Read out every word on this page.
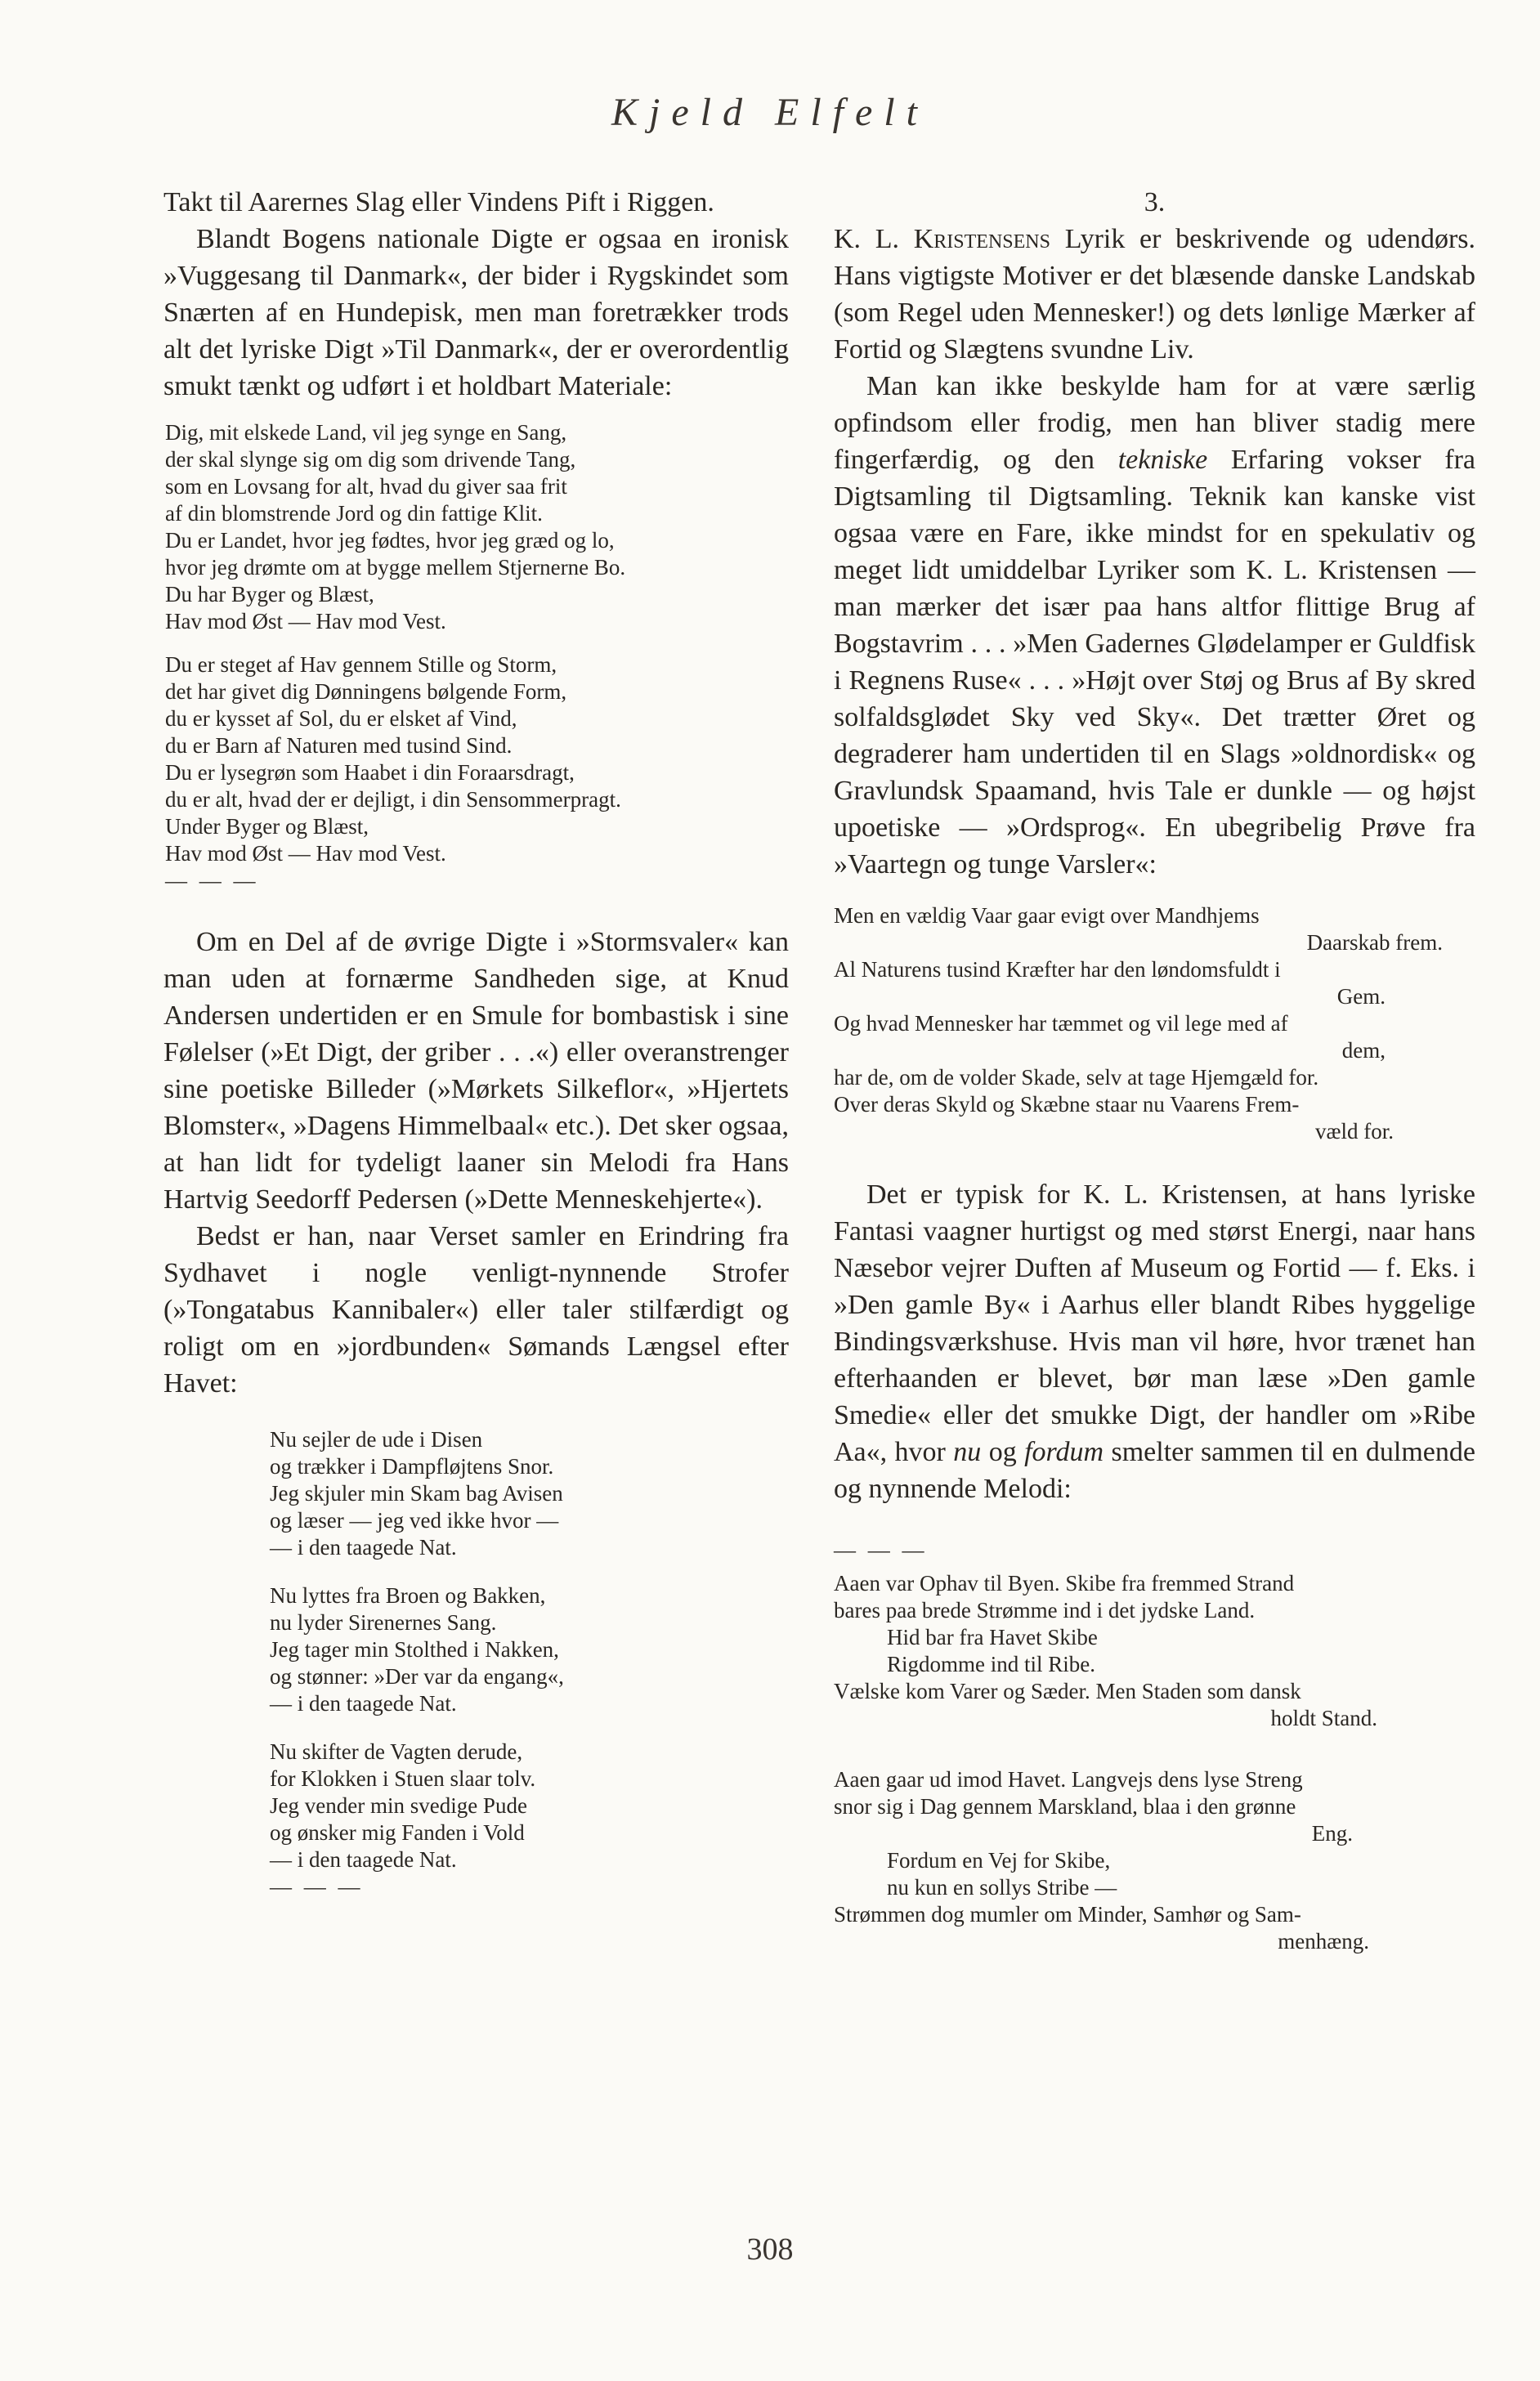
Kjeld Elfelt

Takt til Aarernes Slag eller Vindens Pift i Riggen.

Blandt Bogens nationale Digte er ogsaa en ironisk »Vuggesang til Danmark«, der bider i Rygskindet som Snærten af en Hundepisk, men man foretrækker trods alt det lyriske Digt »Til Danmark«, der er overordentlig smukt tænkt og udført i et holdbart Materiale:

Dig, mit elskede Land, vil jeg synge en Sang,
der skal slynge sig om dig som drivende Tang,
som en Lovsang for alt, hvad du giver saa frit
af din blomstrende Jord og din fattige Klit.
Du er Landet, hvor jeg fødtes, hvor jeg græd og lo,
hvor jeg drømte om at bygge mellem Stjernerne Bo.
Du har Byger og Blæst,
Hav mod Øst — Hav mod Vest.
Du er steget af Hav gennem Stille og Storm,
det har givet dig Dønningens bølgende Form,
du er kysset af Sol, du er elsket af Vind,
du er Barn af Naturen med tusind Sind.
Du er lysegrøn som Haabet i din Foraarsdragt,
du er alt, hvad der er dejligt, i din Sensommerpragt.
Under Byger og Blæst,
Hav mod Øst — Hav mod Vest.
— — —

Om en Del af de øvrige Digte i »Stormsvaler« kan man uden at fornærme Sandheden sige, at Knud Andersen undertiden er en Smule for bombastisk i sine Følelser (»Et Digt, der griber . . .«) eller overanstrenger sine poetiske Billeder (»Mørkets Silkeflor«, »Hjertets Blomster«, »Dagens Himmelbaal« etc.). Det sker ogsaa, at han lidt for tydeligt laaner sin Melodi fra Hans Hartvig Seedorff Pedersen (»Dette Menneskehjerte«).

Bedst er han, naar Verset samler en Erindring fra Sydhavet i nogle venligt-nynnende Strofer (»Tongatabus Kannibaler«) eller taler stilfærdigt og roligt om en »jordbunden« Sømands Længsel efter Havet:

Nu sejler de ude i Disen
og trækker i Dampfløjtens Snor.
Jeg skjuler min Skam bag Avisen
og læser — jeg ved ikke hvor —
— i den taagede Nat.
Nu lyttes fra Broen og Bakken,
nu lyder Sirenernes Sang.
Jeg tager min Stolthed i Nakken,
og stønner: »Der var da engang«,
— i den taagede Nat.
Nu skifter de Vagten derude,
for Klokken i Stuen slaar tolv.
Jeg vender min svedige Pude
og ønsker mig Fanden i Vold
— i den taagede Nat.
— — —
3.

K. L. Kristensens Lyrik er beskrivende og udendørs. Hans vigtigste Motiver er det blæsende danske Landskab (som Regel uden Mennesker!) og dets lønlige Mærker af Fortid og Slægtens svundne Liv.

Man kan ikke beskylde ham for at være særlig opfindsom eller frodig, men han bliver stadig mere fingerfærdig, og den tekniske Erfaring vokser fra Digtsamling til Digtsamling. Teknik kan kanske vist ogsaa være en Fare, ikke mindst for en spekulativ og meget lidt umiddelbar Lyriker som K. L. Kristensen — man mærker det især paa hans altfor flittige Brug af Bogstavrim . . . »Men Gadernes Glødelamper er Guldfisk i Regnens Ruse« . . . »Højt over Støj og Brus af By skred solfaldsglødet Sky ved Sky«. Det trætter Øret og degraderer ham undertiden til en Slags »oldnordisk« og Gravlundsk Spaamand, hvis Tale er dunkle — og højst upoetiske — »Ordsprog«. En ubegribelig Prøve fra »Vaartegn og tunge Varsler«:

Men en vældig Vaar gaar evigt over Mandhjems
Daarskab frem.
Al Naturens tusind Kræfter har den løndomsfuldt i
Gem.
Og hvad Mennesker har tæmmet og vil lege med af
dem,
har de, om de volder Skade, selv at tage Hjemgæld for.
Over deras Skyld og Skæbne staar nu Vaarens Frem-
væld for.

Det er typisk for K. L. Kristensen, at hans lyriske Fantasi vaagner hurtigst og med størst Energi, naar hans Næsebor vejrer Duften af Museum og Fortid — f. Eks. i »Den gamle By« i Aarhus eller blandt Ribes hyggelige Bindingsværkshuse. Hvis man vil høre, hvor trænet han efterhaanden er blevet, bør man læse »Den gamle Smedie« eller det smukke Digt, der handler om »Ribe Aa«, hvor nu og fordum smelter sammen til en dulmende og nynnende Melodi:

— — —
Aaen var Ophav til Byen. Skibe fra fremmed Strand
bares paa brede Strømme ind i det jydske Land.
Hid bar fra Havet Skibe
Rigdomme ind til Ribe.
Vælske kom Varer og Sæder. Men Staden som dansk
holdt Stand.
Aaen gaar ud imod Havet. Langvejs dens lyse Streng
snor sig i Dag gennem Marskland, blaa i den grønne
Eng.
Fordum en Vej for Skibe,
nu kun en sollys Stribe —
Strømmen dog mumler om Minder, Samhør og Sam-
menhæng.
308
